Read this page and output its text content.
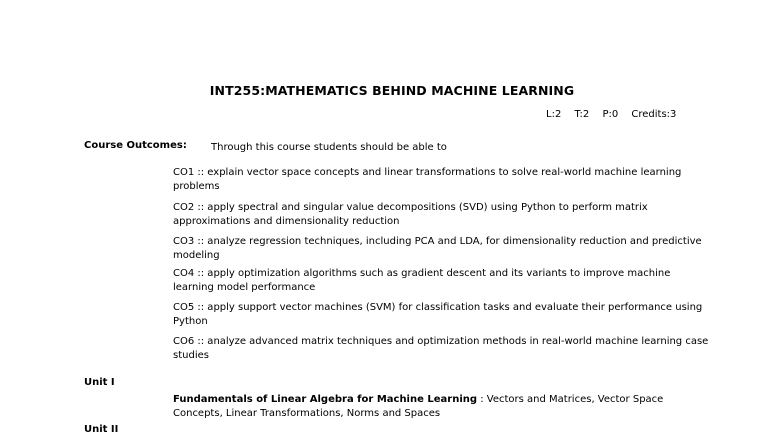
INT255:MATHEMATICS BEHIND MACHINE LEARNING
L:2 T:2 P:0 Credits:3
Course Outcomes: Through this course students should be able to
CO1 :: explain vector space concepts and linear transformations to solve real-world machine learning problems
CO2 :: apply spectral and singular value decompositions (SVD) using Python to perform matrix approximations and dimensionality reduction
CO3 :: analyze regression techniques, including PCA and LDA, for dimensionality reduction and predictive modeling
CO4 :: apply optimization algorithms such as gradient descent and its variants to improve machine learning model performance
CO5 :: apply support vector machines (SVM) for classification tasks and evaluate their performance using Python
CO6 :: analyze advanced matrix techniques and optimization methods in real-world machine learning case studies
Unit I
Fundamentals of Linear Algebra for Machine Learning : Vectors and Matrices, Vector Space Concepts, Linear Transformations, Norms and Spaces
Unit II
